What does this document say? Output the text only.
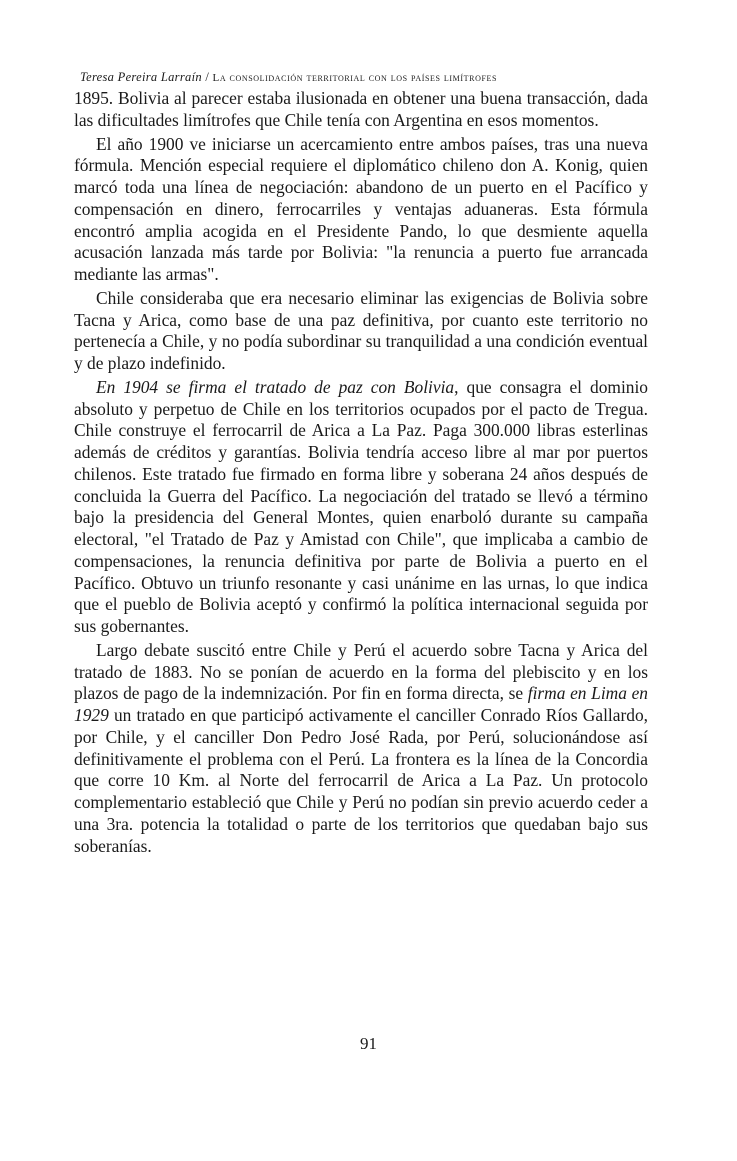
Teresa Pereira Larraín / La consolidación territorial con los países limítrofes

1895. Bolivia al parecer estaba ilusionada en obtener una buena transacción, dada las dificultades limítrofes que Chile tenía con Argentina en esos momentos.

El año 1900 ve iniciarse un acercamiento entre ambos países, tras una nueva fórmula. Mención especial requiere el diplomático chileno don A. Konig, quien marcó toda una línea de negociación: abandono de un puerto en el Pacífico y compensación en dinero, ferrocarriles y ventajas aduaneras. Esta fórmula encontró amplia acogida en el Presidente Pando, lo que desmiente aquella acusación lanzada más tarde por Bolivia: "la renuncia a puerto fue arrancada mediante las armas".

Chile consideraba que era necesario eliminar las exigencias de Bolivia sobre Tacna y Arica, como base de una paz definitiva, por cuanto este territorio no pertenecía a Chile, y no podía subordinar su tranquilidad a una condición eventual y de plazo indefinido.

En 1904 se firma el tratado de paz con Bolivia, que consagra el dominio absoluto y perpetuo de Chile en los territorios ocupados por el pacto de Tregua. Chile construye el ferrocarril de Arica a La Paz. Paga 300.000 libras esterlinas además de créditos y garantías. Bolivia tendría acceso libre al mar por puertos chilenos. Este tratado fue firmado en forma libre y soberana 24 años después de concluida la Guerra del Pacífico. La negociación del tratado se llevó a término bajo la presidencia del General Montes, quien enarboló durante su campaña electoral, "el Tratado de Paz y Amistad con Chile", que implicaba a cambio de compensaciones, la renuncia definitiva por parte de Bolivia a puerto en el Pacífico. Obtuvo un triunfo resonante y casi unánime en las urnas, lo que indica que el pueblo de Bolivia aceptó y confirmó la política internacional seguida por sus gobernantes.

Largo debate suscitó entre Chile y Perú el acuerdo sobre Tacna y Arica del tratado de 1883. No se ponían de acuerdo en la forma del plebiscito y en los plazos de pago de la indemnización. Por fin en forma directa, se firma en Lima en 1929 un tratado en que participó activamente el canciller Conrado Ríos Gallardo, por Chile, y el canciller Don Pedro José Rada, por Perú, solucionándose así definitivamente el problema con el Perú. La frontera es la línea de la Concordia que corre 10 Km. al Norte del ferrocarril de Arica a La Paz. Un protocolo complementario estableció que Chile y Perú no podían sin previo acuerdo ceder a una 3ra. potencia la totalidad o parte de los territorios que quedaban bajo sus soberanías.

91
